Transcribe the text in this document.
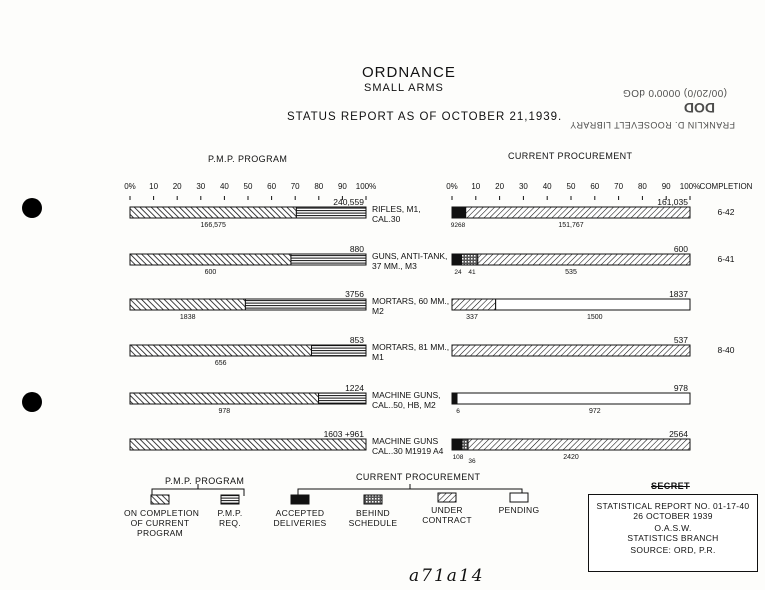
ORDNANCE
SMALL ARMS
STATUS REPORT AS OF OCTOBER 21,1939.
FRANKLIN D. ROOSEVELT LIBRARY
(00/20/0) 0000'0 dOG
DOD
P.M.P. PROGRAM	CURRENT PROCUREMENT
0% 10 20 30 40 50 60 70 80 90 100%	0% 10 20 30 40 50 60 70 80 90 100% COMPLETION
240,559
166,575
RIFLES, M1,
CAL.30
161,035
9268	151,767
6-42
880
600
GUNS, ANTI-TANK,
37 MM., M3
600
24 41	535
6-41
3756
1838
MORTARS, 60 MM.,
M2
1837
337	1500
853
656
MORTARS, 81 MM.,
M1
537
8-40
1224
978
MACHINE GUNS,
CAL..50, HB, M2
978
6	972
1603 +961
MACHINE GUNS
CAL..30 M1919 A4
2564
108
36
2420
P.M.P. PROGRAM	CURRENT PROCUREMENT
ON COMPLETION
OF CURRENT
PROGRAM
P.M.P.
REQ.
ACCEPTED
DELIVERIES
BEHIND
SCHEDULE
UNDER
CONTRACT
PENDING
SECRET
STATISTICAL REPORT NO. 01-17-40
26 OCTOBER 1939
O.A.S.W.
STATISTICS BRANCH
SOURCE: ORD, P.R.
a71a14
